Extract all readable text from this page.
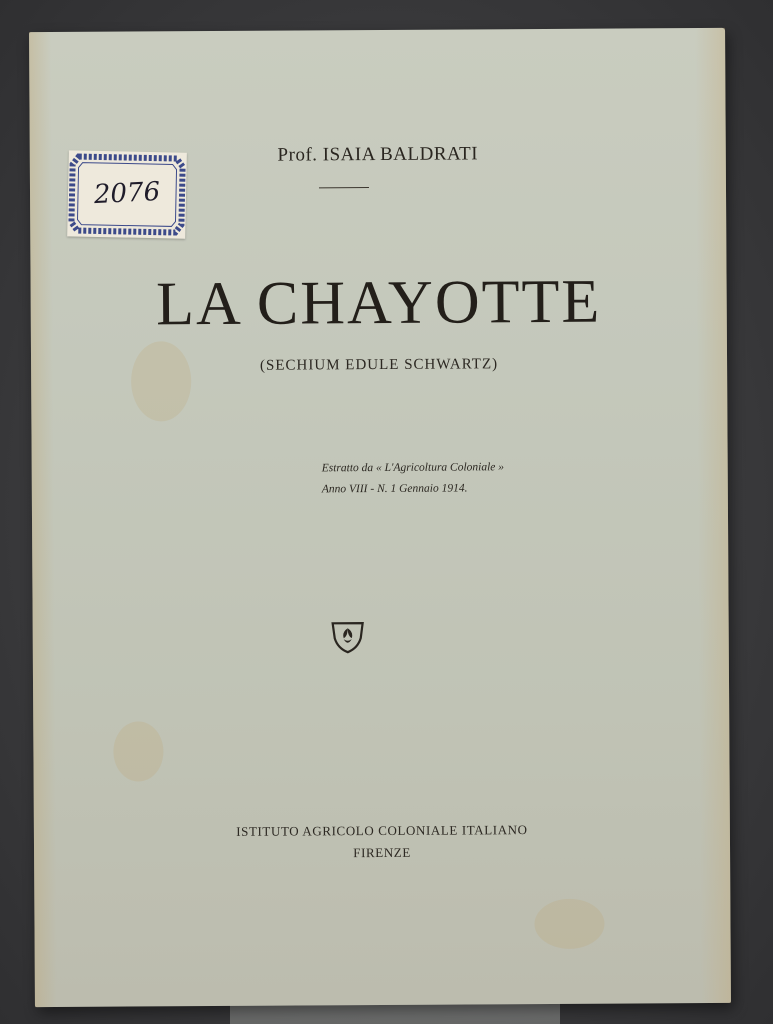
Prof. ISAIA BALDRATI
LA CHAYOTTE
(SECHIUM EDULE SCHWARTZ)
Estratto da « L'Agricoltura Coloniale »
Anno VIII - N. 1 Gennaio 1914.
ISTITUTO AGRICOLO COLONIALE ITALIANO
FIRENZE
2076
